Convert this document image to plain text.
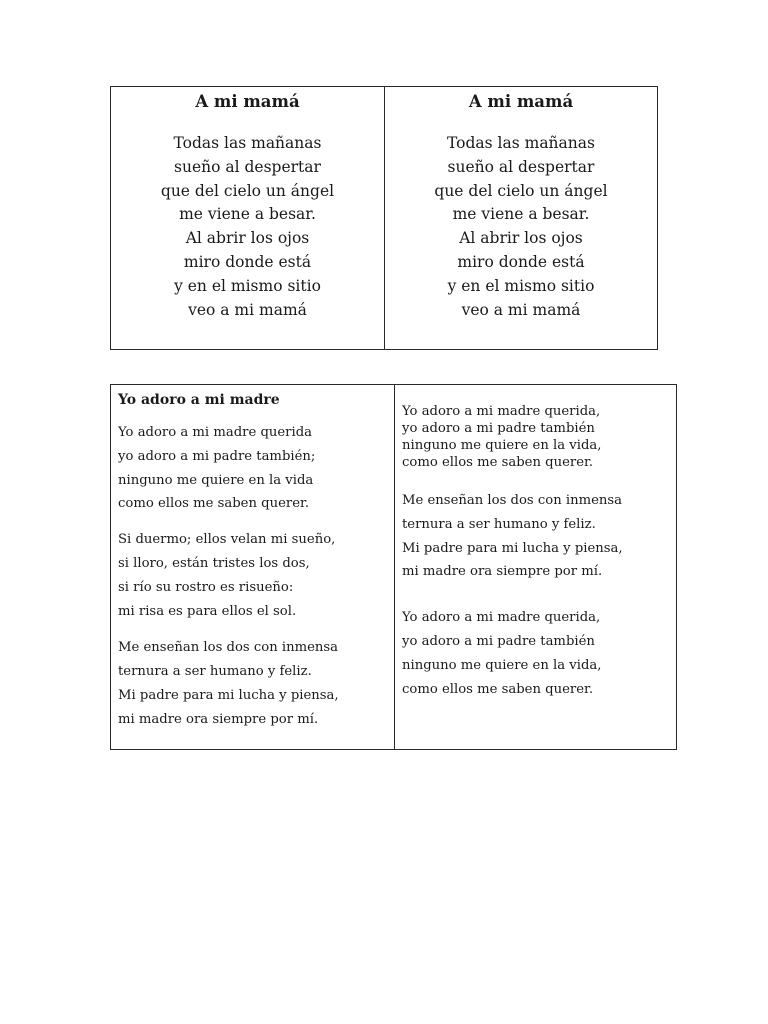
A mi mamá
Todas las mañanas
sueño al despertar
que del cielo un ángel
me viene a besar.
Al abrir los ojos
miro donde está
y en el mismo sitio
veo a mi mamá
A mi mamá
Todas las mañanas
sueño al despertar
que del cielo un ángel
me viene a besar.
Al abrir los ojos
miro donde está
y en el mismo sitio
veo a mi mamá
Yo adoro a mi madre
Yo adoro a mi madre querida
yo adoro a mi padre también;
ninguno me quiere en la vida
como ellos me saben querer.
Si duermo; ellos velan mi sueño,
si lloro, están tristes los dos,
si río su rostro es risueño:
mi risa es para ellos el sol.
Me enseñan los dos con inmensa
ternura a ser humano y feliz.
Mi padre para mi lucha y piensa,
mi madre ora siempre por mí.
Yo adoro a mi madre querida,
yo adoro a mi padre también
ninguno me quiere en la vida,
como ellos me saben querer.
Me enseñan los dos con inmensa
ternura a ser humano y feliz.
Mi padre para mi lucha y piensa,
mi madre ora siempre por mí.
Yo adoro a mi madre querida,
yo adoro a mi padre también
ninguno me quiere en la vida,
como ellos me saben querer.
